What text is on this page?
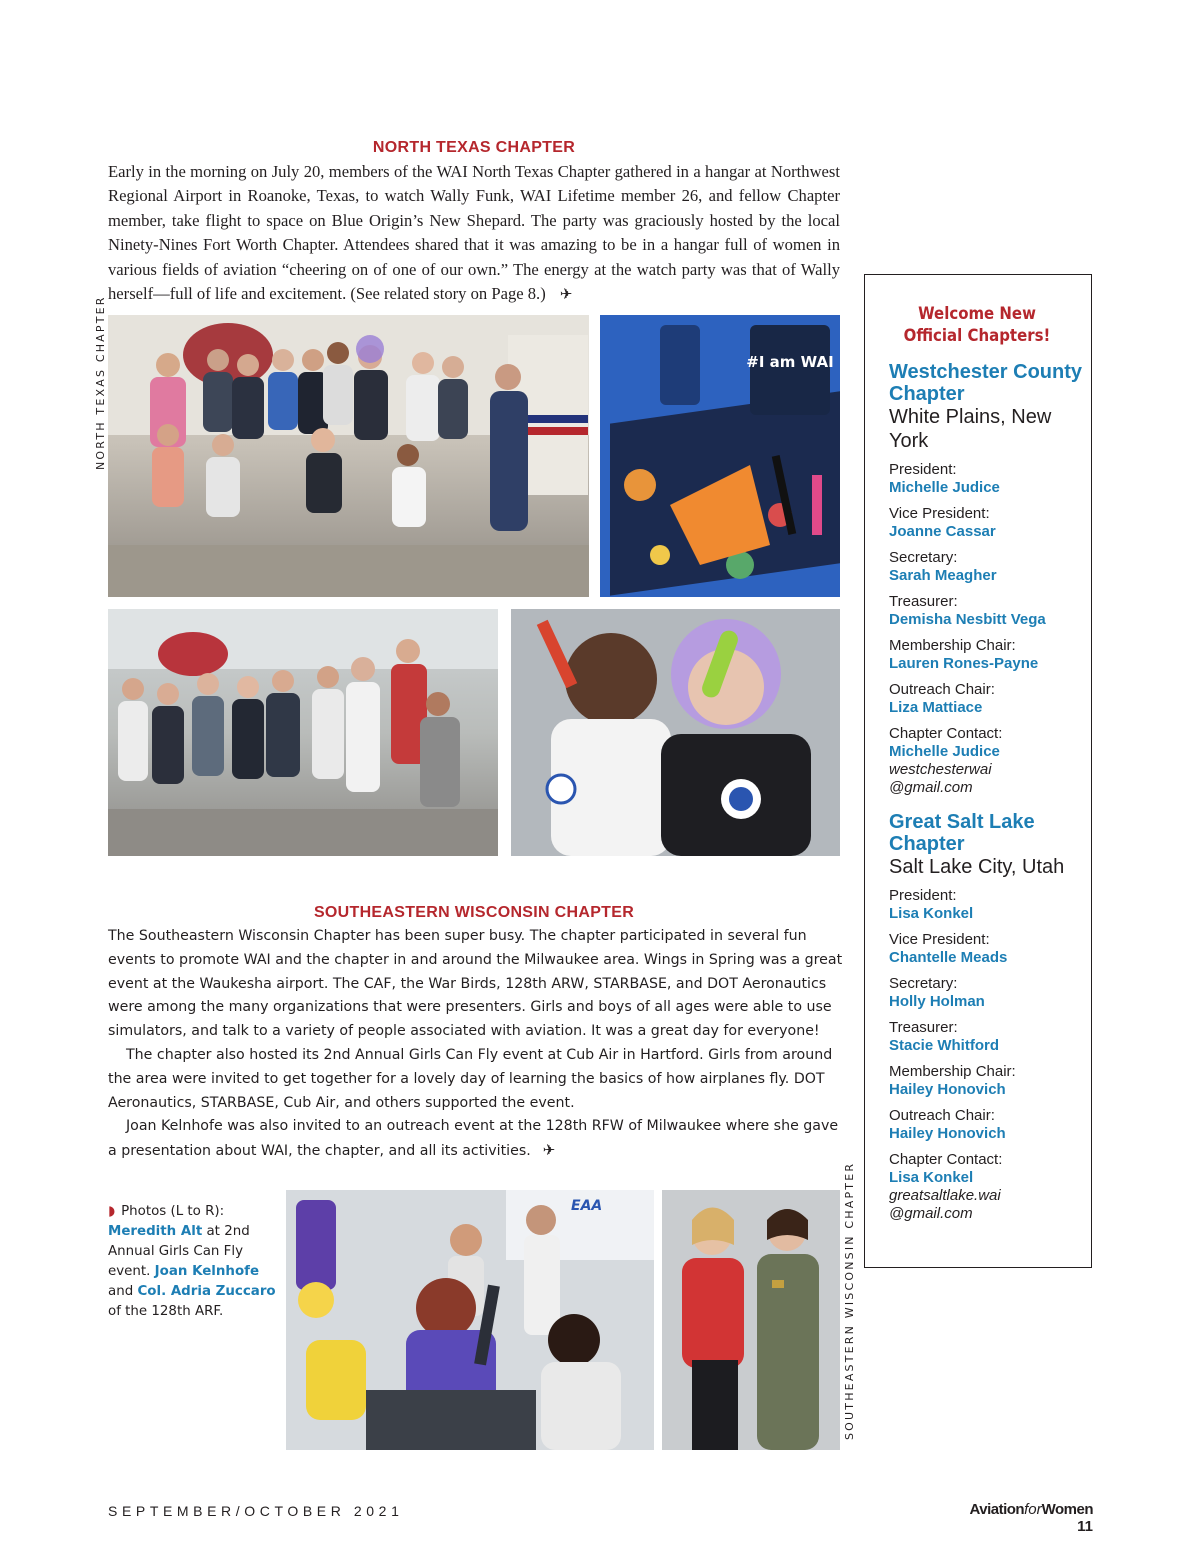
NORTH TEXAS CHAPTER
Early in the morning on July 20, members of the WAI North Texas Chapter gathered in a hangar at Northwest Regional Airport in Roanoke, Texas, to watch Wally Funk, WAI Lifetime member 26, and fellow Chapter member, take flight to space on Blue Origin’s New Shepard. The party was graciously hosted by the local Ninety-Nines Fort Worth Chapter. Attendees shared that it was amazing to be in a hangar full of women in various fields of aviation “cheering on of one of our own.” The energy at the watch party was that of Wally herself—full of life and excitement. (See related story on Page 8.) ✈
NORTH TEXAS CHAPTER	#I am WAI
SOUTHEASTERN WISCONSIN CHAPTER

The Southeastern Wisconsin Chapter has been super busy. The chapter participated in several fun events to promote WAI and the chapter in and around the Milwaukee area. Wings in Spring was a great event at the Waukesha airport. The CAF, the War Birds, 128th ARW, STARBASE, and DOT Aeronautics were among the many organizations that were presenters. Girls and boys of all ages were able to use simulators, and talk to a variety of people associated with aviation. It was a great day for everyone!

The chapter also hosted its 2nd Annual Girls Can Fly event at Cub Air in Hartford. Girls from around the area were invited to get together for a lovely day of learning the basics of how airplanes fly. DOT Aeronautics, STARBASE, Cub Air, and others supported the event.

Joan Kelnhofe was also invited to an outreach event at the 128th RFW of Milwaukee where she gave a presentation about WAI, the chapter, and all its activities. ✈

◗ Photos (L to R): Meredith Alt at 2nd Annual Girls Can Fly event. Joan Kelnhofe and Col. Adria Zuccaro of the 128th ARF.
EAA	SOUTHEASTERN WISCONSIN CHAPTER
Welcome New Official Chapters!
Westchester County Chapter
White Plains, New York
President:
Michelle Judice
Vice President:
Joanne Cassar
Secretary:
Sarah Meagher
Treasurer:
Demisha Nesbitt Vega
Membership Chair:
Lauren Rones-Payne
Outreach Chair:
Liza Mattiace
Chapter Contact:
Michelle Judice
westchesterwai
@gmail.com
Great Salt Lake Chapter
Salt Lake City, Utah
President:
Lisa Konkel
Vice President:
Chantelle Meads
Secretary:
Holly Holman
Treasurer:
Stacie Whitford
Membership Chair:
Hailey Honovich
Outreach Chair:
Hailey Honovich
Chapter Contact:
Lisa Konkel
greatsaltlake.wai
@gmail.com
SEPTEMBER/OCTOBER 2021	AviationforWomen 11
